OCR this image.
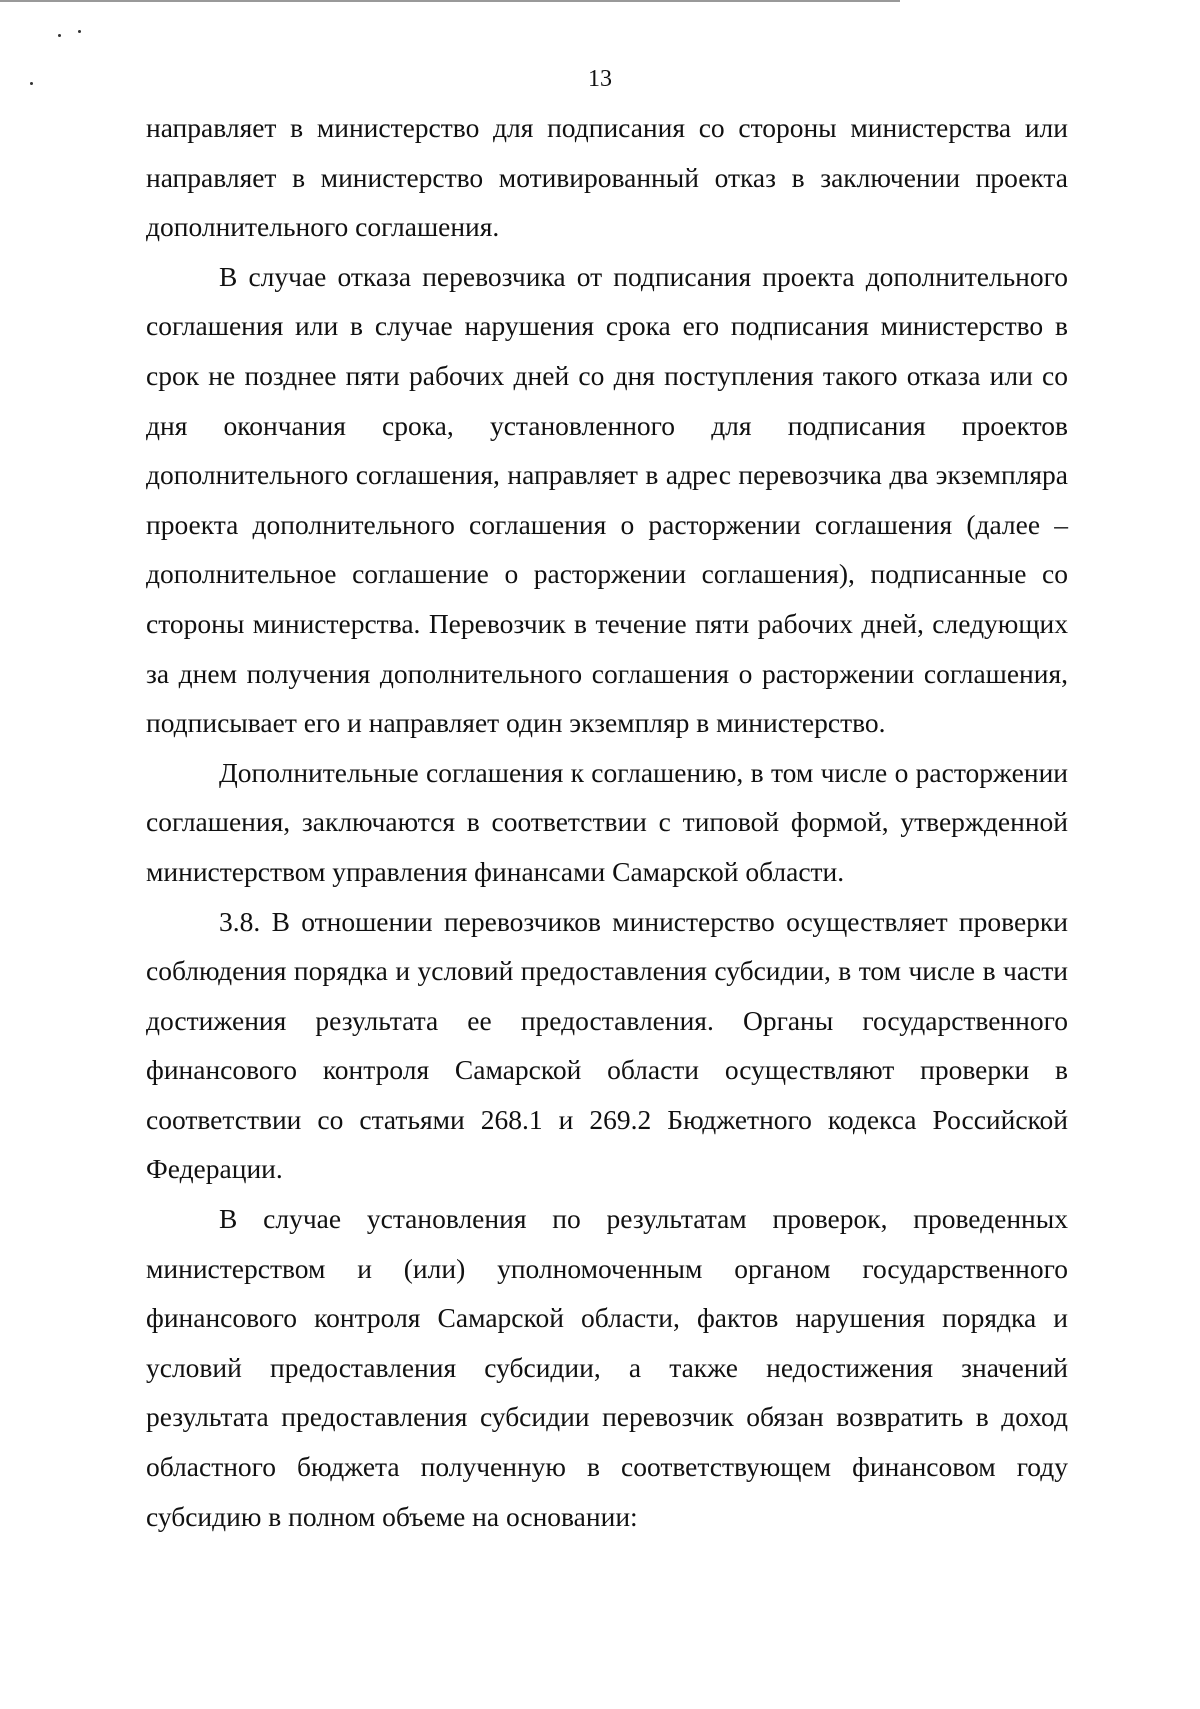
13

направляет в министерство для подписания со стороны министерства или направляет в министерство мотивированный отказ в заключении проекта дополнительного соглашения.

В случае отказа перевозчика от подписания проекта дополнительного соглашения или в случае нарушения срока его подписания министерство в срок не позднее пяти рабочих дней со дня поступления такого отказа или со дня окончания срока, установленного для подписания проектов дополнительного соглашения, направляет в адрес перевозчика два экземпляра проекта дополнительного соглашения о расторжении соглашения (далее – дополнительное соглашение о расторжении соглашения), подписанные со стороны министерства. Перевозчик в течение пяти рабочих дней, следующих за днем получения дополнительного соглашения о расторжении соглашения, подписывает его и направляет один экземпляр в министерство.

Дополнительные соглашения к соглашению, в том числе о расторжении соглашения, заключаются в соответствии с типовой формой, утвержденной министерством управления финансами Самарской области.

3.8. В отношении перевозчиков министерство осуществляет проверки соблюдения порядка и условий предоставления субсидии, в том числе в части достижения результата ее предоставления. Органы государственного финансового контроля Самарской области осуществляют проверки в соответствии со статьями 268.1 и 269.2 Бюджетного кодекса Российской Федерации.

В случае установления по результатам проверок, проведенных министерством и (или) уполномоченным органом государственного финансового контроля Самарской области, фактов нарушения порядка и условий предоставления субсидии, а также недостижения значений результата предоставления субсидии перевозчик обязан возвратить в доход областного бюджета полученную в соответствующем финансовом году субсидию в полном объеме на основании:
